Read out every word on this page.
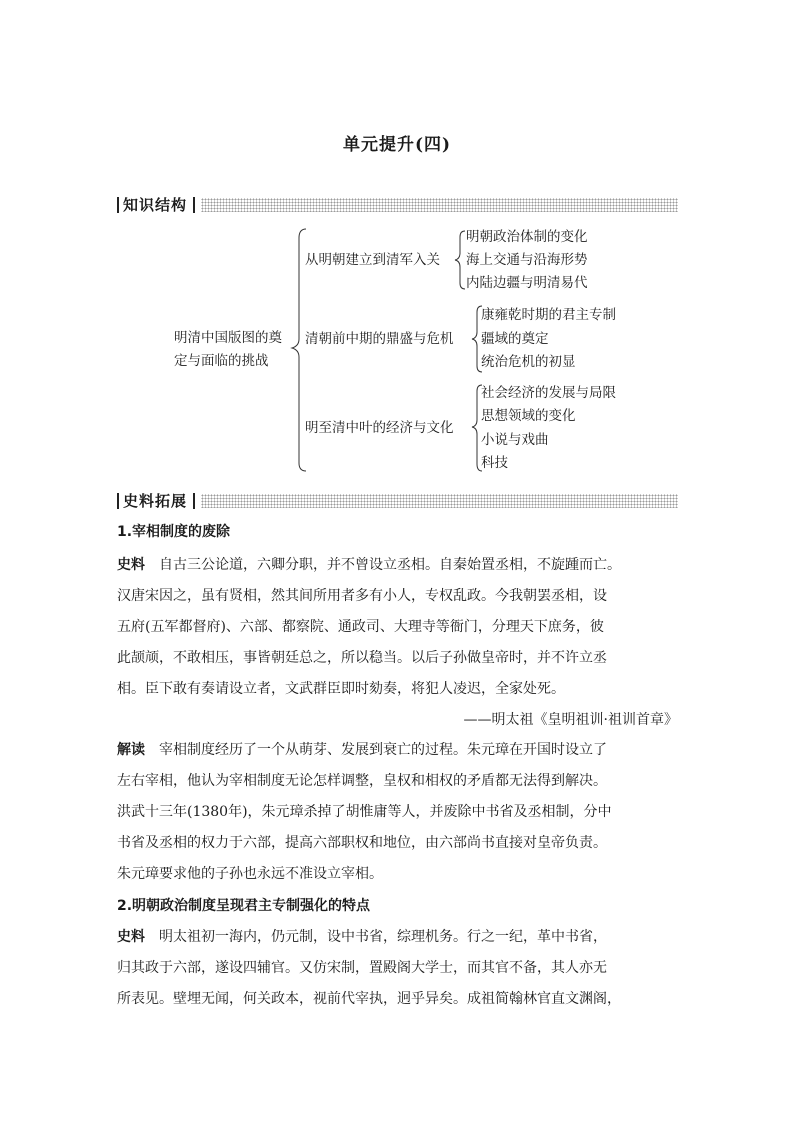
单元提升(四)
知识结构
明清中国版图的奠
定与面临的挑战
从明朝建立到清军入关
明朝政治体制的变化
海上交通与沿海形势
内陆边疆与明清易代
清朝前中期的鼎盛与危机
康雍乾时期的君主专制
疆域的奠定
统治危机的初显
明至清中叶的经济与文化
社会经济的发展与局限
思想领域的变化
小说与戏曲
科技
史料拓展
1.宰相制度的废除

史料 自古三公论道，六卿分职，并不曾设立丞相。自秦始置丞相，不旋踵而亡。
汉唐宋因之，虽有贤相，然其间所用者多有小人，专权乱政。今我朝罢丞相，设
五府(五军都督府)、六部、都察院、通政司、大理寺等衙门，分理天下庶务，彼
此颉颃，不敢相压，事皆朝廷总之，所以稳当。以后子孙做皇帝时，并不许立丞
相。臣下敢有奏请设立者，文武群臣即时劾奏，将犯人凌迟，全家处死。

——明太祖《皇明祖训·祖训首章》

解读 宰相制度经历了一个从萌芽、发展到衰亡的过程。朱元璋在开国时设立了
左右宰相，他认为宰相制度无论怎样调整，皇权和相权的矛盾都无法得到解决。
洪武十三年(1380年)，朱元璋杀掉了胡惟庸等人，并废除中书省及丞相制，分中
书省及丞相的权力于六部，提高六部职权和地位，由六部尚书直接对皇帝负责。
朱元璋要求他的子孙也永远不准设立宰相。

2.明朝政治制度呈现君主专制强化的特点

史料 明太祖初一海内，仍元制，设中书省，综理机务。行之一纪，革中书省，
归其政于六部，遂设四辅官。又仿宋制，置殿阁大学士，而其官不备，其人亦无
所表见。壁埋无闻，何关政本，视前代宰执，迥乎异矣。成祖简翰林官直文渊阁，
